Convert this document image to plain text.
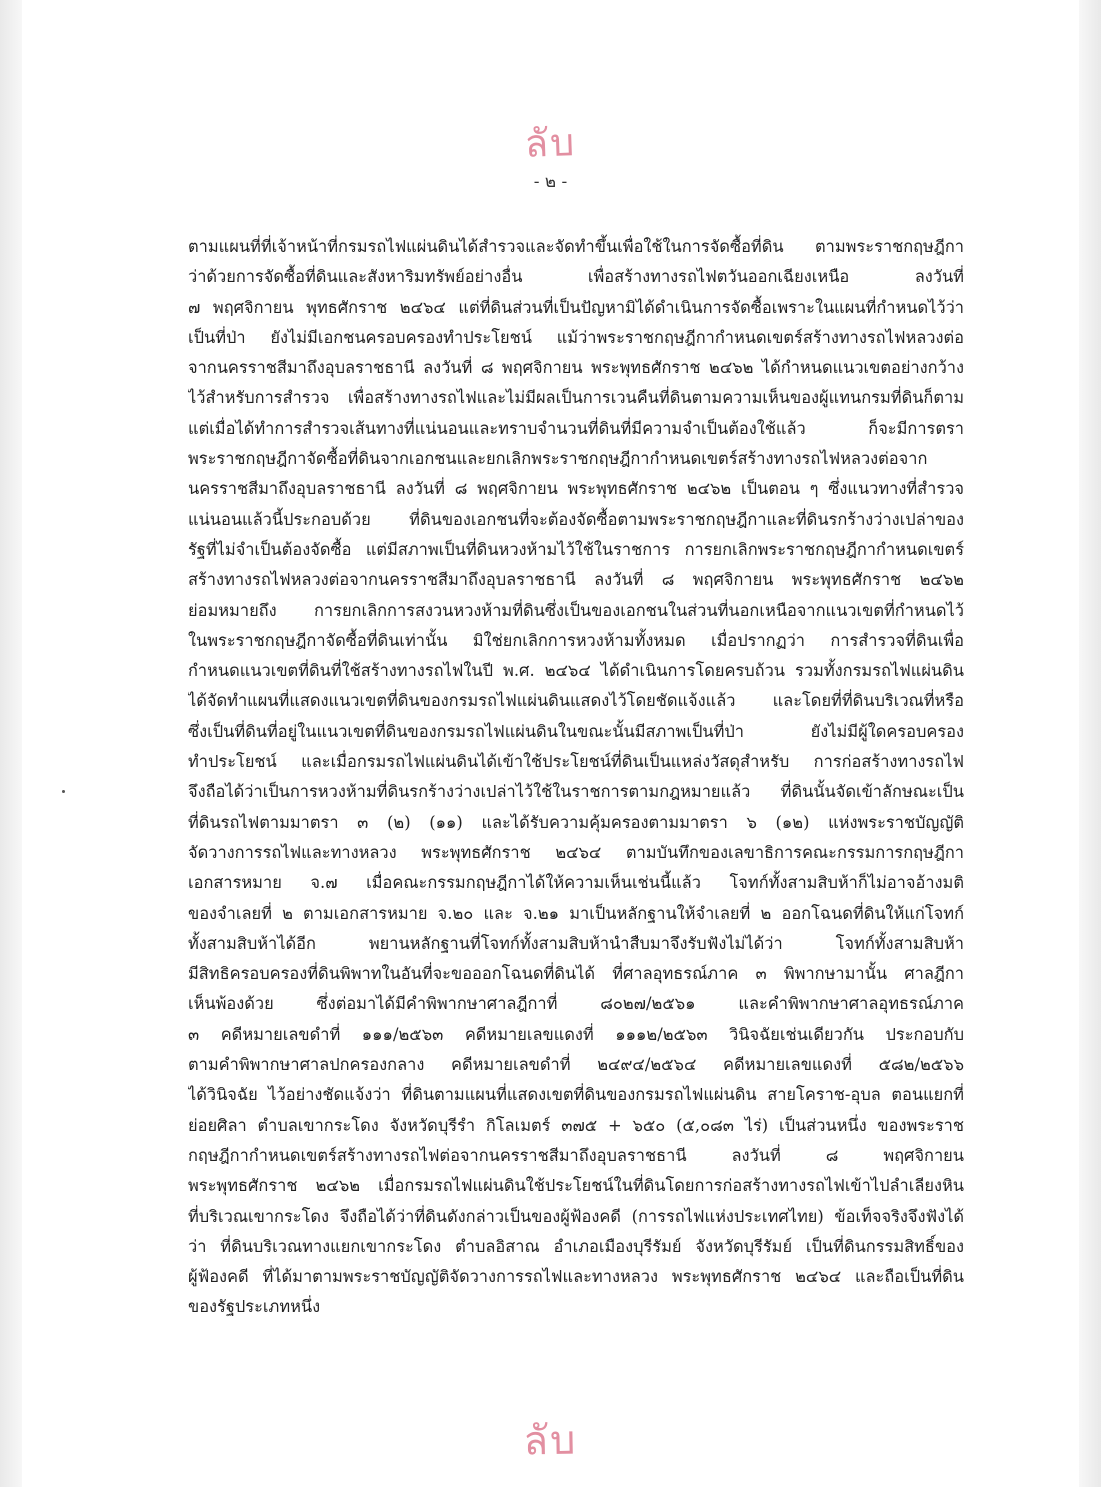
ลับ
- ๒ -
ตามแผนที่ที่เจ้าหน้าที่กรมรถไฟแผ่นดินได้สำรวจและจัดทำขึ้นเพื่อใช้ในการจัดซื้อที่ดิน ตามพระราชกฤษฎีกา
ว่าด้วยการจัดซื้อที่ดินและสังหาริมทรัพย์อย่างอื่น เพื่อสร้างทางรถไฟตวันออกเฉียงเหนือ ลงวันที่
๗ พฤศจิกายน พุทธศักราช ๒๔๖๔ แต่ที่ดินส่วนที่เป็นปัญหามิได้ดำเนินการจัดซื้อเพราะในแผนที่กำหนดไว้ว่า
เป็นที่ป่า ยังไม่มีเอกชนครอบครองทำประโยชน์ แม้ว่าพระราชกฤษฎีกากำหนดเขตร์สร้างทางรถไฟหลวงต่อ
จากนครราชสีมาถึงอุบลราชธานี ลงวันที่ ๘ พฤศจิกายน พระพุทธศักราช ๒๔๖๒ ได้กำหนดแนวเขตอย่างกว้าง
ไว้สำหรับการสำรวจ เพื่อสร้างทางรถไฟและไม่มีผลเป็นการเวนคืนที่ดินตามความเห็นของผู้แทนกรมที่ดินก็ตาม
แต่เมื่อได้ทำการสำรวจเส้นทางที่แน่นอนและทราบจำนวนที่ดินที่มีความจำเป็นต้องใช้แล้ว ก็จะมีการตรา
พระราชกฤษฎีกาจัดซื้อที่ดินจากเอกชนและยกเลิกพระราชกฤษฎีกากำหนดเขตร์สร้างทางรถไฟหลวงต่อจาก
นครราชสีมาถึงอุบลราชธานี ลงวันที่ ๘ พฤศจิกายน พระพุทธศักราช ๒๔๖๒ เป็นตอน ๆ ซึ่งแนวทางที่สำรวจ
แน่นอนแล้วนี้ประกอบด้วย ที่ดินของเอกชนที่จะต้องจัดซื้อตามพระราชกฤษฎีกาและที่ดินรกร้างว่างเปล่าของ
รัฐที่ไม่จำเป็นต้องจัดซื้อ แต่มีสภาพเป็นที่ดินหวงห้ามไว้ใช้ในราชการ การยกเลิกพระราชกฤษฎีกากำหนดเขตร์
สร้างทางรถไฟหลวงต่อจากนครราชสีมาถึงอุบลราชธานี ลงวันที่ ๘ พฤศจิกายน พระพุทธศักราช ๒๔๖๒
ย่อมหมายถึง การยกเลิกการสงวนหวงห้ามที่ดินซึ่งเป็นของเอกชนในส่วนที่นอกเหนือจากแนวเขตที่กำหนดไว้
ในพระราชกฤษฎีกาจัดซื้อที่ดินเท่านั้น มิใช่ยกเลิกการหวงห้ามทั้งหมด เมื่อปรากฏว่า การสำรวจที่ดินเพื่อ
กำหนดแนวเขตที่ดินที่ใช้สร้างทางรถไฟในปี พ.ศ. ๒๔๖๔ ได้ดำเนินการโดยครบถ้วน รวมทั้งกรมรถไฟแผ่นดิน
ได้จัดทำแผนที่แสดงแนวเขตที่ดินของกรมรถไฟแผ่นดินแสดงไว้โดยชัดแจ้งแล้ว และโดยที่ที่ดินบริเวณที่หรือ
ซึ่งเป็นที่ดินที่อยู่ในแนวเขตที่ดินของกรมรถไฟแผ่นดินในขณะนั้นมีสภาพเป็นที่ป่า ยังไม่มีผู้ใดครอบครอง
ทำประโยชน์ และเมื่อกรมรถไฟแผ่นดินได้เข้าใช้ประโยชน์ที่ดินเป็นแหล่งวัสดุสำหรับ การก่อสร้างทางรถไฟ
จึงถือได้ว่าเป็นการหวงห้ามที่ดินรกร้างว่างเปล่าไว้ใช้ในราชการตามกฎหมายแล้ว ที่ดินนั้นจัดเข้าลักษณะเป็น
ที่ดินรถไฟตามมาตรา ๓ (๒) (๑๑) และได้รับความคุ้มครองตามมาตรา ๖ (๑๒) แห่งพระราชบัญญัติ
จัดวางการรถไฟและทางหลวง พระพุทธศักราช ๒๔๖๔ ตามบันทึกของเลขาธิการคณะกรรมการกฤษฎีกา
เอกสารหมาย จ.๗ เมื่อคณะกรรมกฤษฎีกาได้ให้ความเห็นเช่นนี้แล้ว โจทก์ทั้งสามสิบห้าก็ไม่อาจอ้างมติ
ของจำเลยที่ ๒ ตามเอกสารหมาย จ.๒๐ และ จ.๒๑ มาเป็นหลักฐานให้จำเลยที่ ๒ ออกโฉนดที่ดินให้แก่โจทก์
ทั้งสามสิบห้าได้อีก พยานหลักฐานที่โจทก์ทั้งสามสิบห้านำสืบมาจึงรับฟังไม่ได้ว่า โจทก์ทั้งสามสิบห้า
มีสิทธิครอบครองที่ดินพิพาทในอันที่จะขอออกโฉนดที่ดินได้ ที่ศาลอุทธรณ์ภาค ๓ พิพากษามานั้น ศาลฎีกา
เห็นพ้องด้วย ซึ่งต่อมาได้มีคำพิพากษาศาลฎีกาที่ ๘๐๒๗/๒๕๖๑ และคำพิพากษาศาลอุทธรณ์ภาค
๓ คดีหมายเลขดำที่ ๑๑๑/๒๕๖๓ คดีหมายเลขแดงที่ ๑๑๑๒/๒๕๖๓ วินิจฉัยเช่นเดียวกัน ประกอบกับ
ตามคำพิพากษาศาลปกครองกลาง คดีหมายเลขดำที่ ๒๔๙๔/๒๕๖๔ คดีหมายเลขแดงที่ ๕๘๒/๒๕๖๖
ได้วินิจฉัย ไว้อย่างชัดแจ้งว่า ที่ดินตามแผนที่แสดงเขตที่ดินของกรมรถไฟแผ่นดิน สายโคราช-อุบล ตอนแยกที่
ย่อยศิลา ตำบลเขากระโดง จังหวัดบุรีรำ กิโลเมตร์ ๓๗๕ + ๖๕๐ (๕,๐๘๓ ไร่) เป็นส่วนหนึ่ง ของพระราช
กฤษฎีกากำหนดเขตร์สร้างทางรถไฟต่อจากนครราชสีมาถึงอุบลราชธานี ลงวันที่ ๘ พฤศจิกายน
พระพุทธศักราช ๒๔๖๒ เมื่อกรมรถไฟแผ่นดินใช้ประโยชน์ในที่ดินโดยการก่อสร้างทางรถไฟเข้าไปลำเลียงหิน
ที่บริเวณเขากระโดง จึงถือได้ว่าที่ดินดังกล่าวเป็นของผู้ฟ้องคดี (การรถไฟแห่งประเทศไทย) ข้อเท็จจริงจึงฟังได้
ว่า ที่ดินบริเวณทางแยกเขากระโดง ตำบลอิสาณ อำเภอเมืองบุรีรัมย์ จังหวัดบุรีรัมย์ เป็นที่ดินกรรมสิทธิ์ของ
ผู้ฟ้องคดี ที่ได้มาตามพระราชบัญญัติจัดวางการรถไฟและทางหลวง พระพุทธศักราช ๒๔๖๔ และถือเป็นที่ดิน
ของรัฐประเภทหนึ่ง
ลับ
